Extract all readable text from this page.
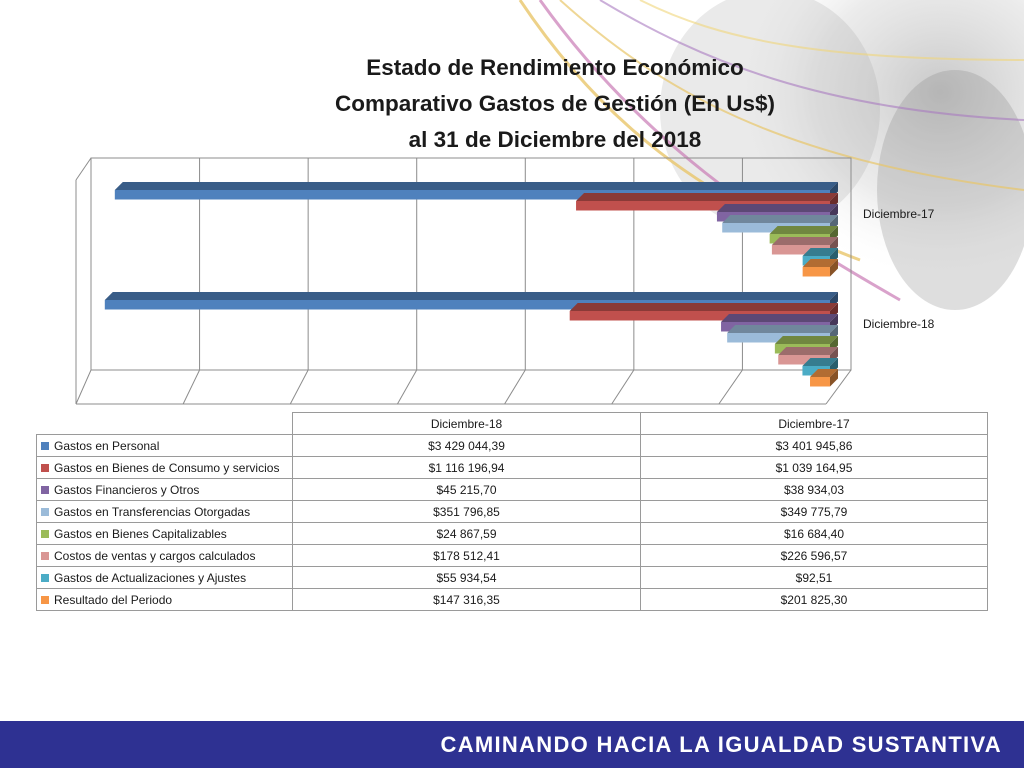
Estado de Rendimiento Económico
Comparativo Gastos de Gestión (En Us$)
al 31 de Diciembre del 2018
Diciembre-18
Diciembre-17
	Diciembre-18	Diciembre-17
Gastos en Personal	$3 429 044,39	$3 401 945,86
Gastos en Bienes de Consumo y servicios	$1 116 196,94	$1 039 164,95
Gastos Financieros y Otros	$45 215,70	$38 934,03
Gastos en Transferencias Otorgadas	$351 796,85	$349 775,79
Gastos en Bienes Capitalizables	$24 867,59	$16 684,40
Costos de ventas y cargos calculados	$178 512,41	$226 596,57
Gastos de Actualizaciones y Ajustes	$55 934,54	$92,51
Resultado del Periodo	$147 316,35	$201 825,30
CAMINANDO HACIA LA IGUALDAD SUSTANTIVA
